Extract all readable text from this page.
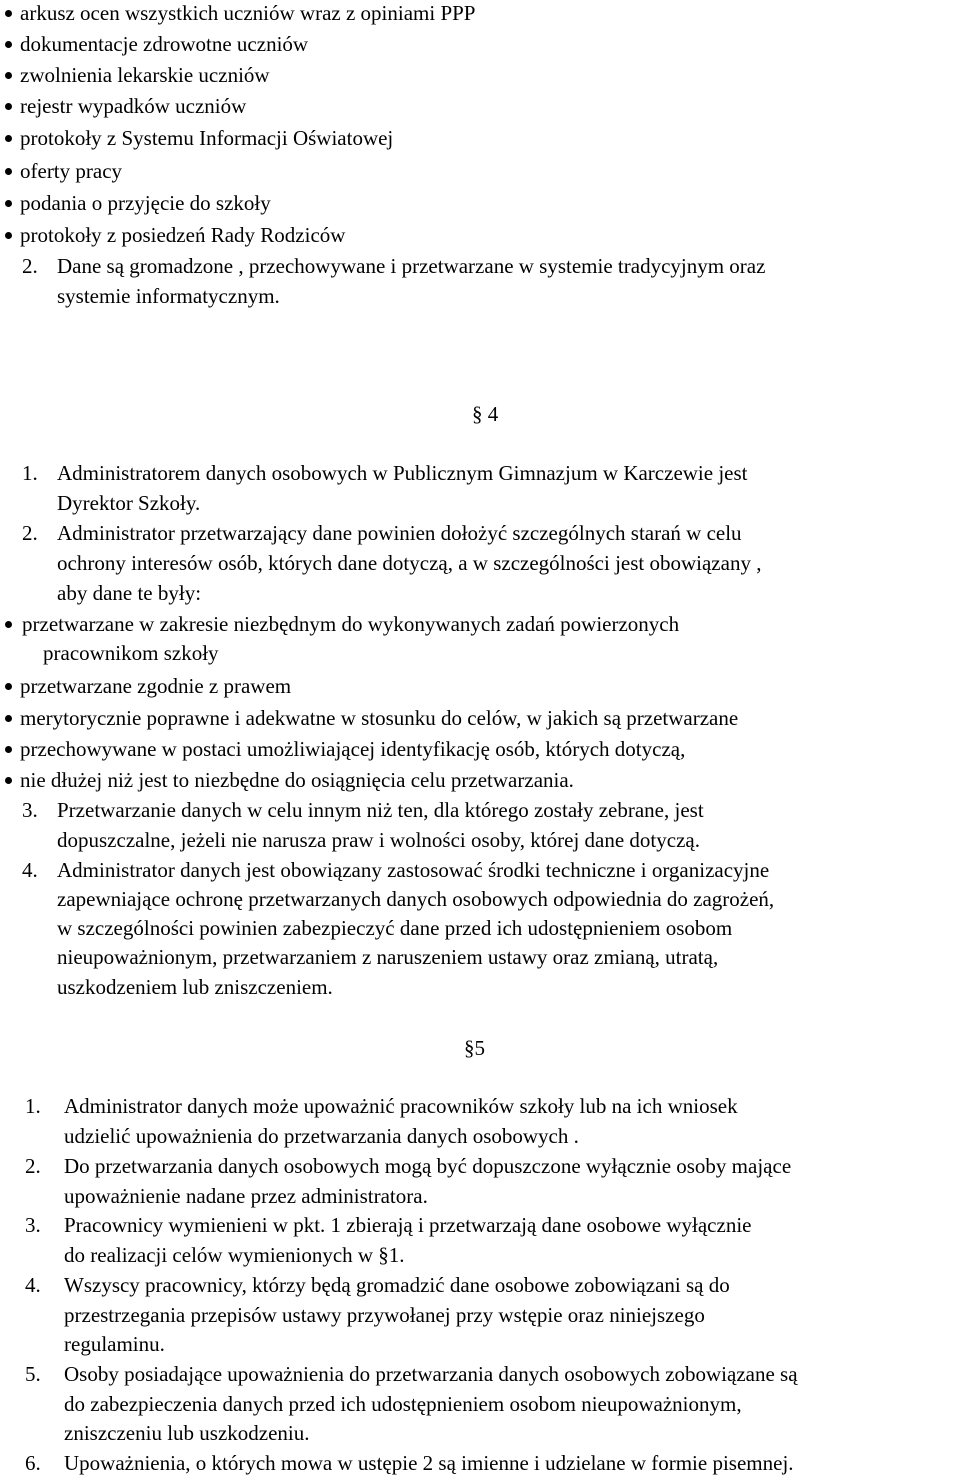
arkusz ocen wszystkich uczniów wraz z opiniami PPP
dokumentacje zdrowotne uczniów
zwolnienia lekarskie uczniów
rejestr wypadków uczniów
protokoły z Systemu Informacji Oświatowej
oferty pracy
podania o przyjęcie do szkoły
protokoły z posiedzeń Rady Rodziców
2. Dane są gromadzone , przechowywane i przetwarzane w systemie tradycyjnym oraz
systemie informatycznym.
§ 4
1. Administratorem danych osobowych w Publicznym Gimnazjum w Karczewie jest
Dyrektor Szkoły.
2. Administrator przetwarzający dane powinien dołożyć szczególnych starań w celu
ochrony interesów osób, których dane dotyczą, a w szczególności jest obowiązany ,
aby dane te były:
przetwarzane w zakresie niezbędnym do wykonywanych zadań powierzonych
pracownikom szkoły
przetwarzane zgodnie z prawem
merytorycznie poprawne i adekwatne w stosunku do celów, w jakich są przetwarzane
przechowywane w postaci umożliwiającej identyfikację osób, których dotyczą,
nie dłużej niż jest to niezbędne do osiągnięcia celu przetwarzania.
3. Przetwarzanie danych w celu innym niż ten, dla którego zostały zebrane, jest
dopuszczalne, jeżeli nie narusza praw i wolności osoby, której dane dotyczą.
4. Administrator danych jest obowiązany zastosować środki techniczne i organizacyjne
zapewniające ochronę przetwarzanych danych osobowych odpowiednia do zagrożeń,
w szczególności powinien zabezpieczyć dane przed ich udostępnieniem osobom
nieupoważnionym, przetwarzaniem z naruszeniem ustawy oraz zmianą, utratą,
uszkodzeniem lub zniszczeniem.
§5
1. Administrator danych może upoważnić pracowników szkoły lub na ich wniosek
udzielić upoważnienia do przetwarzania danych osobowych .
2. Do przetwarzania danych osobowych mogą być dopuszczone wyłącznie osoby mające
upoważnienie nadane przez administratora.
3. Pracownicy wymienieni w pkt. 1 zbierają i przetwarzają dane osobowe wyłącznie
do realizacji celów wymienionych w §1.
4. Wszyscy pracownicy, którzy będą gromadzić dane osobowe zobowiązani są do
przestrzegania przepisów ustawy przywołanej przy wstępie oraz niniejszego
regulaminu.
5. Osoby posiadające upoważnienia do przetwarzania danych osobowych zobowiązane są
do zabezpieczenia danych przed ich udostępnieniem osobom nieupoważnionym,
zniszczeniu lub uszkodzeniu.
6. Upoważnienia, o których mowa w ustępie 2 są imienne i udzielane w formie pisemnej.
